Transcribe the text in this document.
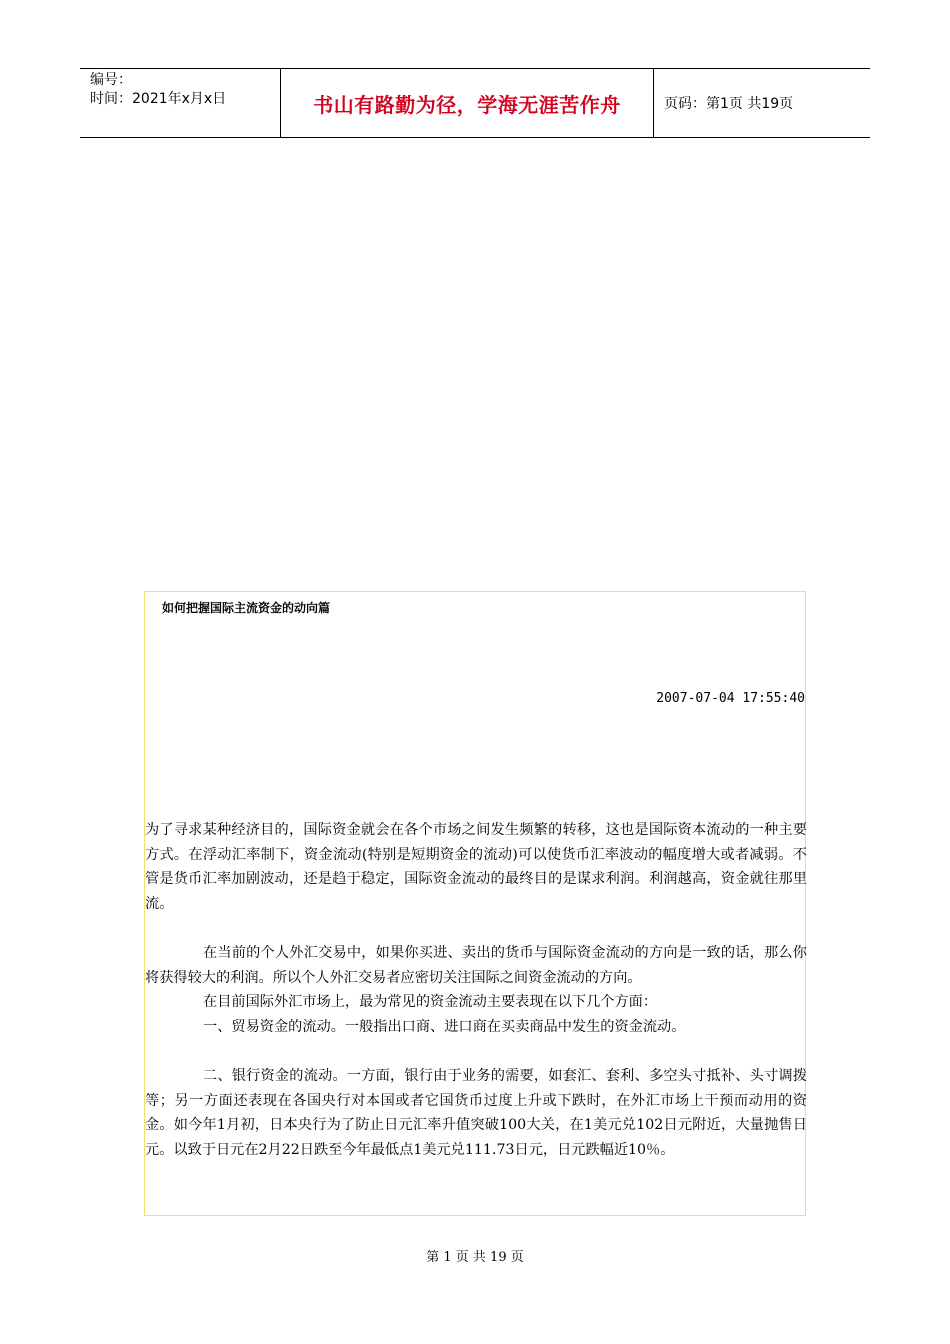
编号：
时间：2021年x月x日	书山有路勤为径，学海无涯苦作舟	页码：第1页 共19页
如何把握国际主流资金的动向篇
2007-07-04 17:55:40

为了寻求某种经济目的，国际资金就会在各个市场之间发生频繁的转移，这也是国际资本流动的一种主要方式。在浮动汇率制下，资金流动(特别是短期资金的流动)可以使货币汇率波动的幅度增大或者减弱。不管是货币汇率加剧波动，还是趋于稳定，国际资金流动的最终目的是谋求利润。利润越高，资金就往那里流。

在当前的个人外汇交易中，如果你买进、卖出的货币与国际资金流动的方向是一致的话，那么你将获得较大的利润。所以个人外汇交易者应密切关注国际之间资金流动的方向。

在目前国际外汇市场上，最为常见的资金流动主要表现在以下几个方面：

一、贸易资金的流动。一般指出口商、进口商在买卖商品中发生的资金流动。

二、银行资金的流动。一方面，银行由于业务的需要，如套汇、套利、多空头寸抵补、头寸调拨等；另一方面还表现在各国央行对本国或者它国货币过度上升或下跌时，在外汇市场上干预而动用的资金。如今年1月初，日本央行为了防止日元汇率升值突破100大关，在1美元兑102日元附近，大量抛售日元。以致于日元在2月22日跌至今年最低点1美元兑111.73日元，日元跌幅近10％。

第 1 页 共 19 页
